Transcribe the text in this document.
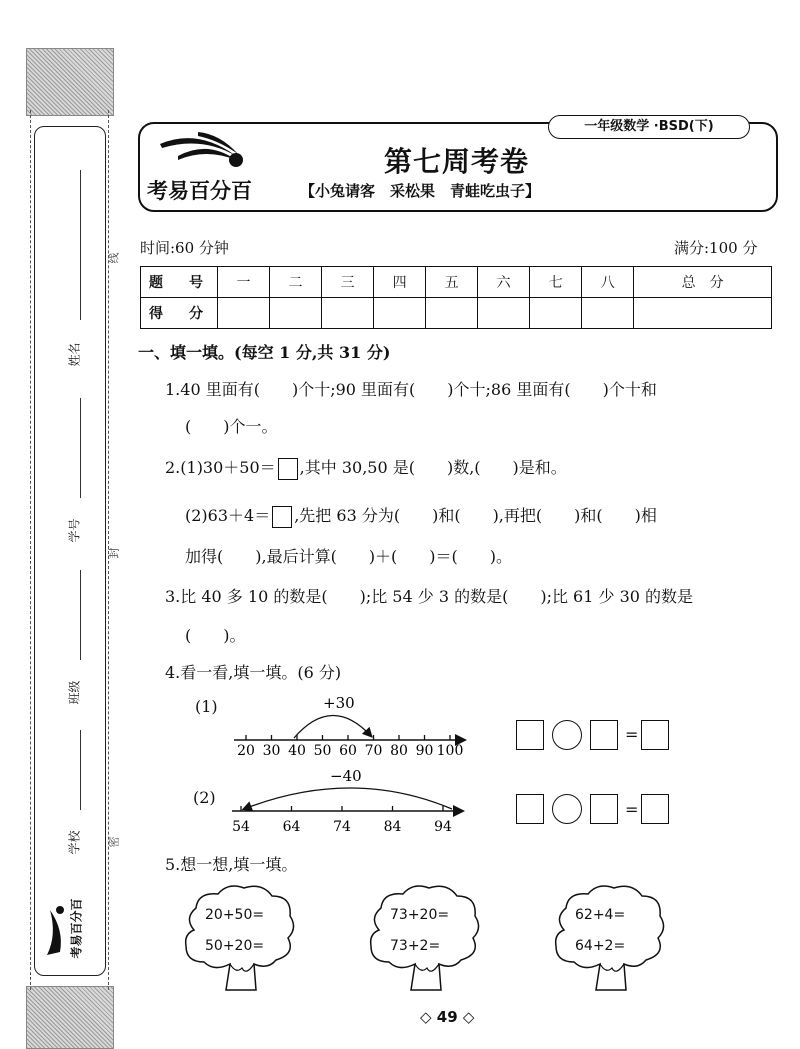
姓名
学号
班级
学校
线
封
密
考易百分百
考易百分百
第七周考卷
【小兔请客　采松果　青蛙吃虫子】
一年级数学 ·BSD(下)
时间:60 分钟	满分:100 分
题　号	一	二	三	四	五	六	七	八	总　分
得　分									
一、填一填。(每空 1 分,共 31 分)
1.40 里面有(　　)个十;90 里面有(　　)个十;86 里面有(　　)个十和
(　　)个一。
2.(1)30＋50＝ ,其中 30,50 是(　　)数,(　　)是和。
(2)63＋4＝ ,先把 63 分为(　　)和(　　),再把(　　)和(　　)相
加得(　　),最后计算(　　)＋(　　)＝(　　)。
3.比 40 多 10 的数是(　　);比 54 少 3 的数是(　　);比 61 少 30 的数是
(　　)。
4.看一看,填一填。(6 分)
(1)
20 30 40 50 60 70 80 90 100
+30
=
(2)
54 64 74 84 94
−40
=
5.想一想,填一填。
20+50=
50+20=
73+20=
73+2=
62+4=
64+2=
◇ 49 ◇
